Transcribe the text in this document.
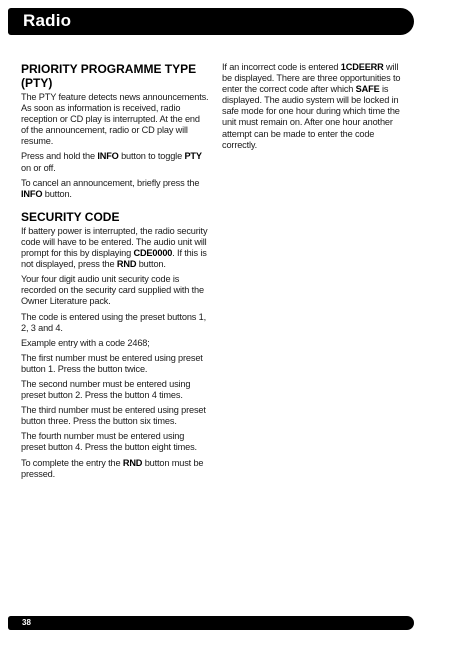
Radio
PRIORITY PROGRAMME TYPE (PTY)

The PTY feature detects news announcements. As soon as information is received, radio reception or CD play is interrupted. At the end of the announcement, radio or CD play will resume.

Press and hold the INFO button to toggle PTY on or off.

To cancel an announcement, briefly press the INFO button.

SECURITY CODE

If battery power is interrupted, the radio security code will have to be entered. The audio unit will prompt for this by displaying CDE0000. If this is not displayed, press the RND button.

Your four digit audio unit security code is recorded on the security card supplied with the Owner Literature pack.

The code is entered using the preset buttons 1, 2, 3 and 4.

Example entry with a code 2468;

The first number must be entered using preset button 1. Press the button twice.

The second number must be entered using preset button 2. Press the button 4 times.

The third number must be entered using preset button three. Press the button six times.

The fourth number must be entered using preset button 4. Press the button eight times.

To complete the entry the RND button must be pressed.

If an incorrect code is entered 1CDEERR will be displayed. There are three opportunities to enter the correct code after which SAFE is displayed. The audio system will be locked in safe mode for one hour during which time the unit must remain on. After one hour another attempt can be made to enter the code correctly.

38
